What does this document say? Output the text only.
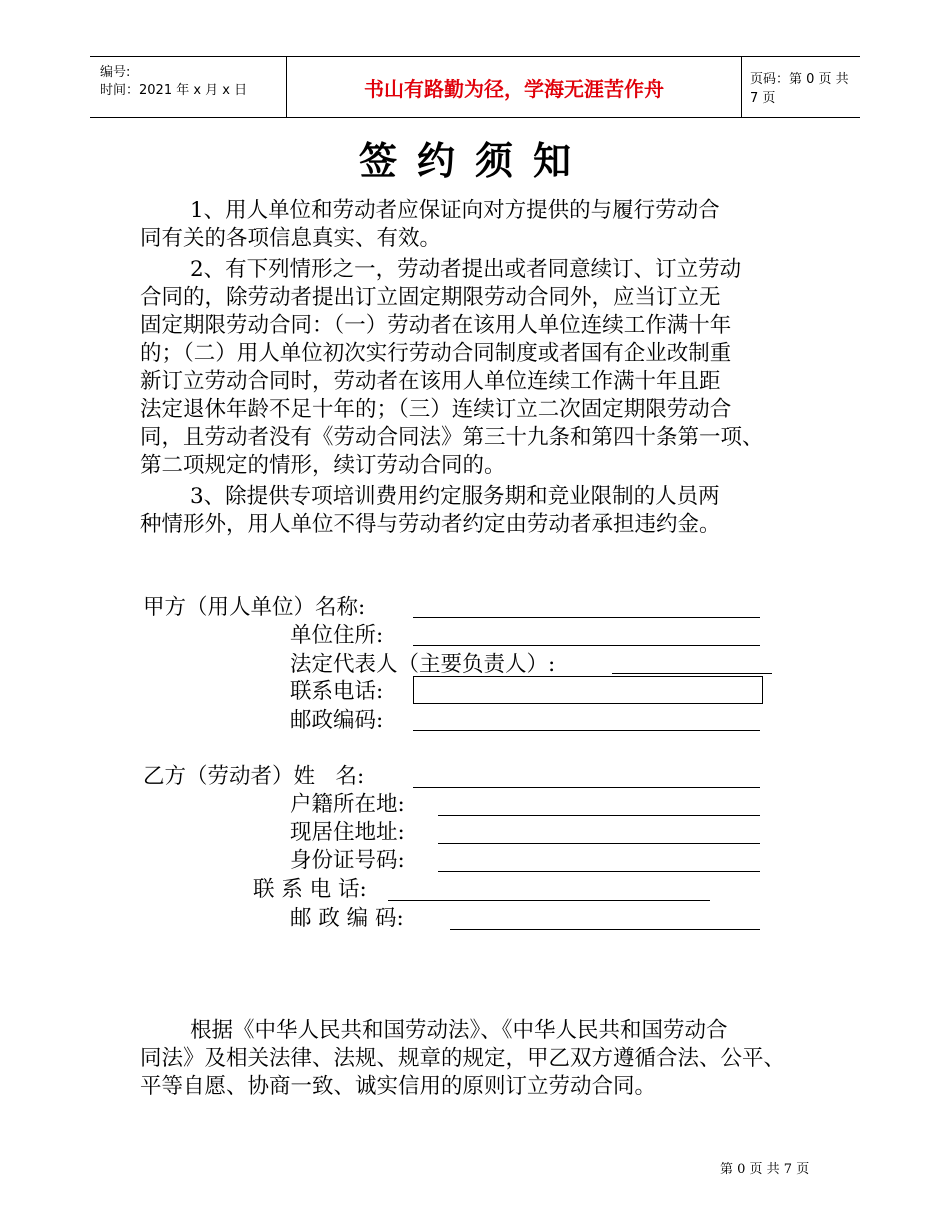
编号:
时间：2021 年 x 月 x 日	书山有路勤为径，学海无涯苦作舟	页码：第 0 页 共 7 页
签约须知
1、用人单位和劳动者应保证向对方提供的与履行劳动合
同有关的各项信息真实、有效。
2、有下列情形之一，劳动者提出或者同意续订、订立劳动
合同的，除劳动者提出订立固定期限劳动合同外，应当订立无
固定期限劳动合同：（一）劳动者在该用人单位连续工作满十年
的；（二）用人单位初次实行劳动合同制度或者国有企业改制重
新订立劳动合同时，劳动者在该用人单位连续工作满十年且距
法定退休年龄不足十年的；（三）连续订立二次固定期限劳动合
同，且劳动者没有《劳动合同法》第三十九条和第四十条第一项、
第二项规定的情形，续订劳动合同的。
3、除提供专项培训费用约定服务期和竞业限制的人员两
种情形外，用人单位不得与劳动者约定由劳动者承担违约金。
甲方（用人单位）名称:
单位住所:
法定代表人（主要负责人）:
联系电话:
邮政编码:
乙方（劳动者）姓   名:
户籍所在地:
现居住地址:
身份证号码:
联 系 电 话:
邮 政 编 码:
根据《中华人民共和国劳动法》、《中华人民共和国劳动合
同法》及相关法律、法规、规章的规定，甲乙双方遵循合法、公平、
平等自愿、协商一致、诚实信用的原则订立劳动合同。
第 0 页 共 7 页
